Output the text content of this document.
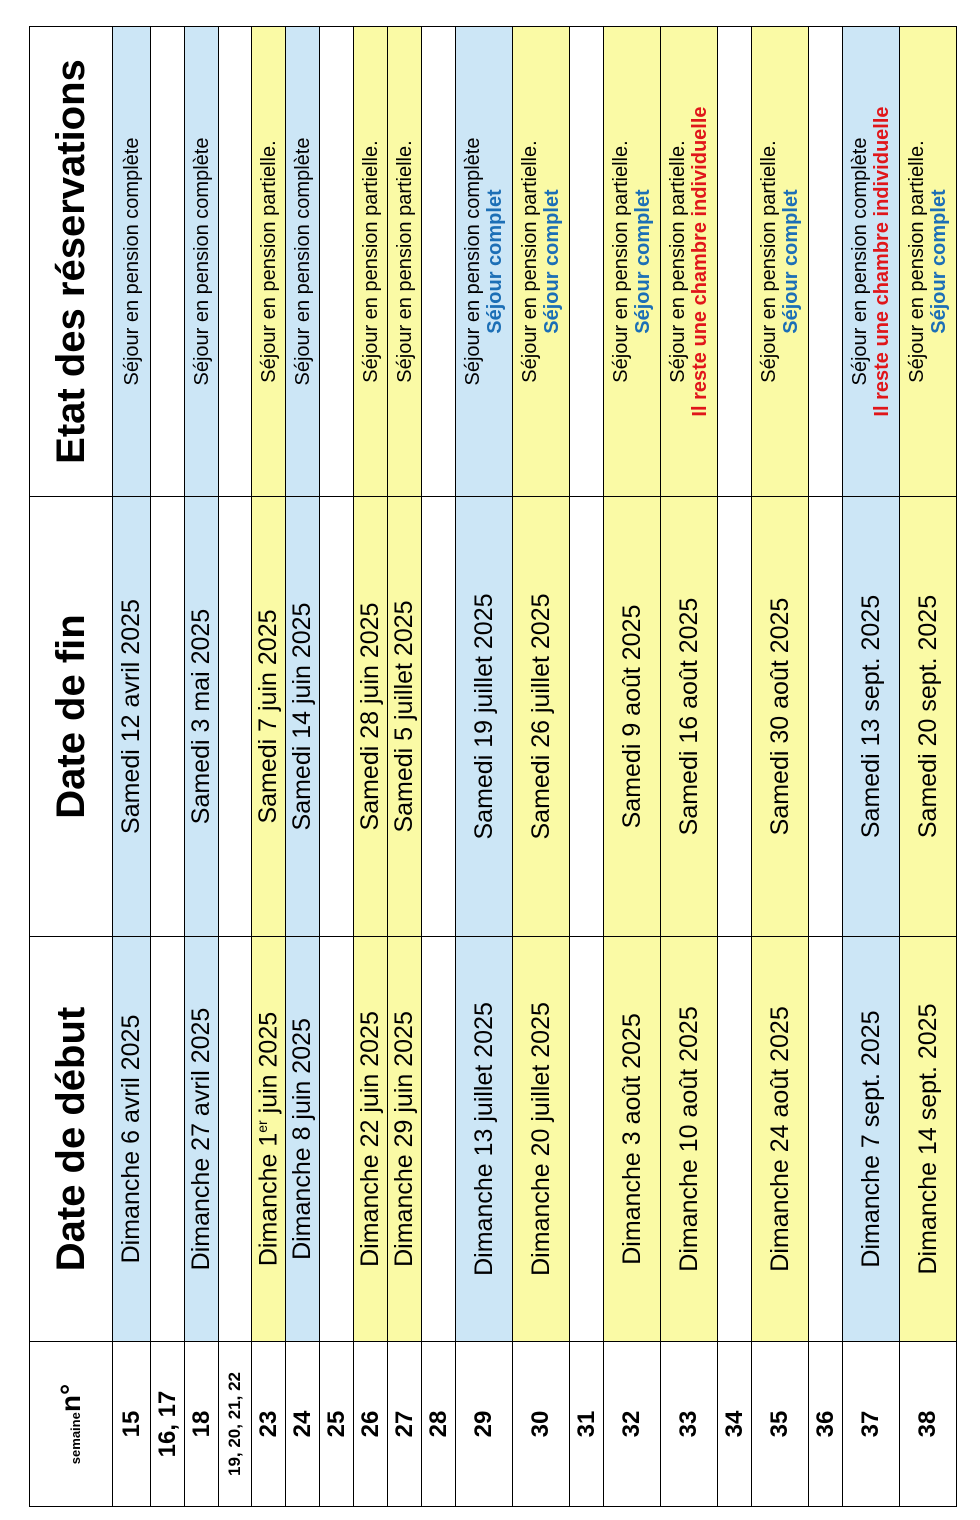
semainen°	Date de début	Date de fin	Etat des réservations
15	Dimanche 6 avril 2025	Samedi 12 avril 2025	Séjour en pension complète

16, 17			

18	Dimanche 27 avril 2025	Samedi 3 mai 2025	Séjour en pension complète

19, 20, 21, 22			

23	Dimanche 1er juin 2025	Samedi 7 juin 2025	Séjour en pension partielle.

24	Dimanche 8 juin 2025	Samedi 14 juin 2025	Séjour en pension complète

25			

26	Dimanche 22 juin 2025	Samedi 28 juin 2025	Séjour en pension partielle.

27	Dimanche 29 juin 2025	Samedi 5 juillet 2025	Séjour en pension partielle.

28			

29	Dimanche 13 juillet 2025	Samedi 19 juillet 2025	Séjour en pension complète Séjour complet

30	Dimanche 20 juillet 2025	Samedi 26 juillet 2025	Séjour en pension partielle. Séjour complet

31			

32	Dimanche 3 août 2025	Samedi 9 août 2025	Séjour en pension partielle. Séjour complet

33	Dimanche 10 août 2025	Samedi 16 août 2025	Séjour en pension partielle. Il reste une chambre individuelle

34			

35	Dimanche 24 août 2025	Samedi 30 août 2025	Séjour en pension partielle. Séjour complet

36			

37	Dimanche 7 sept. 2025	Samedi 13 sept. 2025	Séjour en pension complète Il reste une chambre individuelle

38	Dimanche 14 sept. 2025	Samedi 20 sept. 2025	Séjour en pension partielle. Séjour complet
